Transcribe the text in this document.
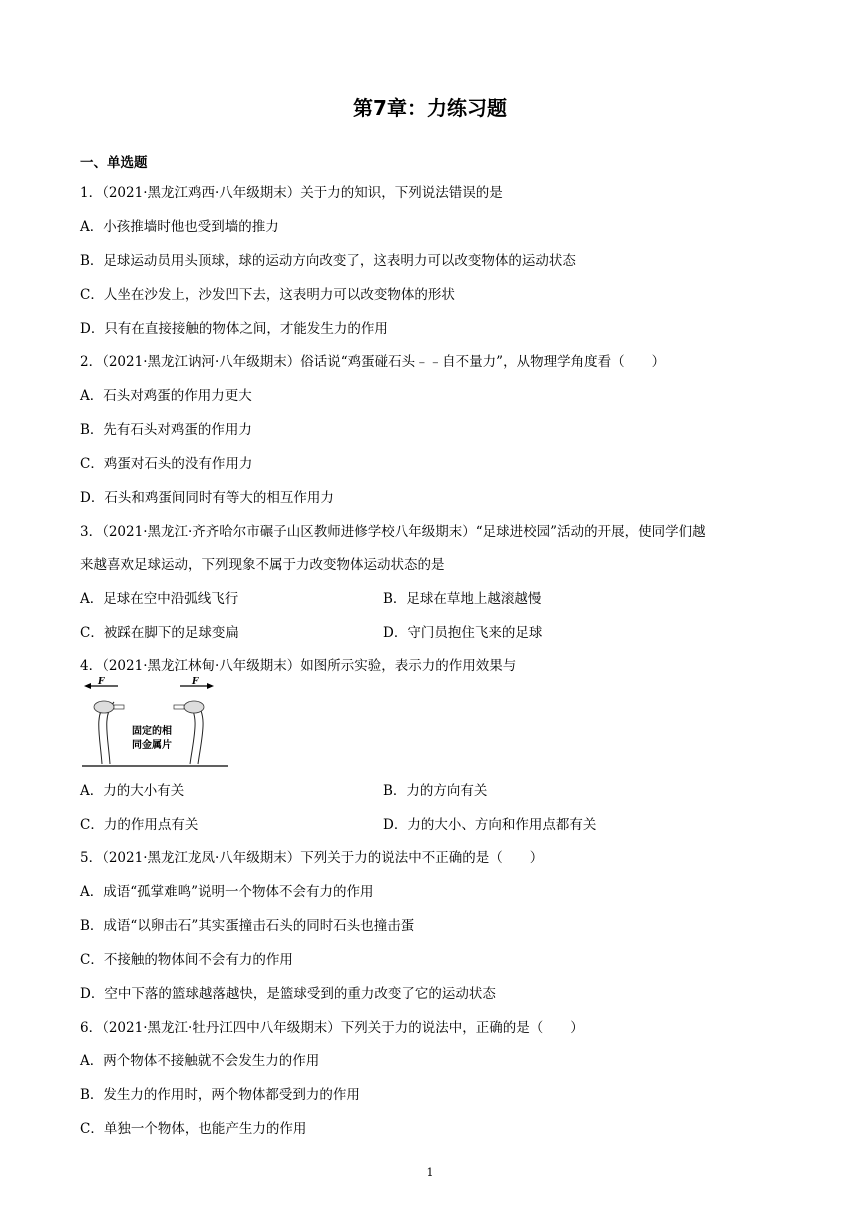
第7章：力练习题
一、单选题
1．（2021·黑龙江鸡西·八年级期末）关于力的知识，下列说法错误的是
A．小孩推墙时他也受到墙的推力
B．足球运动员用头顶球，球的运动方向改变了，这表明力可以改变物体的运动状态
C．人坐在沙发上，沙发凹下去，这表明力可以改变物体的形状
D．只有在直接接触的物体之间，才能发生力的作用
2．（2021·黑龙江讷河·八年级期末）俗话说“鸡蛋碰石头﹣﹣自不量力”，从物理学角度看（　　）
A．石头对鸡蛋的作用力更大
B．先有石头对鸡蛋的作用力
C．鸡蛋对石头的没有作用力
D．石头和鸡蛋间同时有等大的相互作用力
3．（2021·黑龙江·齐齐哈尔市碾子山区教师进修学校八年级期末）“足球进校园”活动的开展，使同学们越
来越喜欢足球运动，下列现象不属于力改变物体运动状态的是
A．足球在空中沿弧线飞行	B．足球在草地上越滚越慢
C．被踩在脚下的足球变扁	D．守门员抱住飞来的足球
4．（2021·黑龙江林甸·八年级期末）如图所示实验，表示力的作用效果与
F	F
固定的相
同金属片
A．力的大小有关	B．力的方向有关
C．力的作用点有关	D．力的大小、方向和作用点都有关
5．（2021·黑龙江龙凤·八年级期末）下列关于力的说法中不正确的是（　　）
A．成语“孤掌难鸣”说明一个物体不会有力的作用
B．成语“以卵击石”其实蛋撞击石头的同时石头也撞击蛋
C．不接触的物体间不会有力的作用
D．空中下落的篮球越落越快，是篮球受到的重力改变了它的运动状态
6．（2021·黑龙江·牡丹江四中八年级期末）下列关于力的说法中，正确的是（　　）
A．两个物体不接触就不会发生力的作用
B．发生力的作用时，两个物体都受到力的作用
C．单独一个物体，也能产生力的作用
1
